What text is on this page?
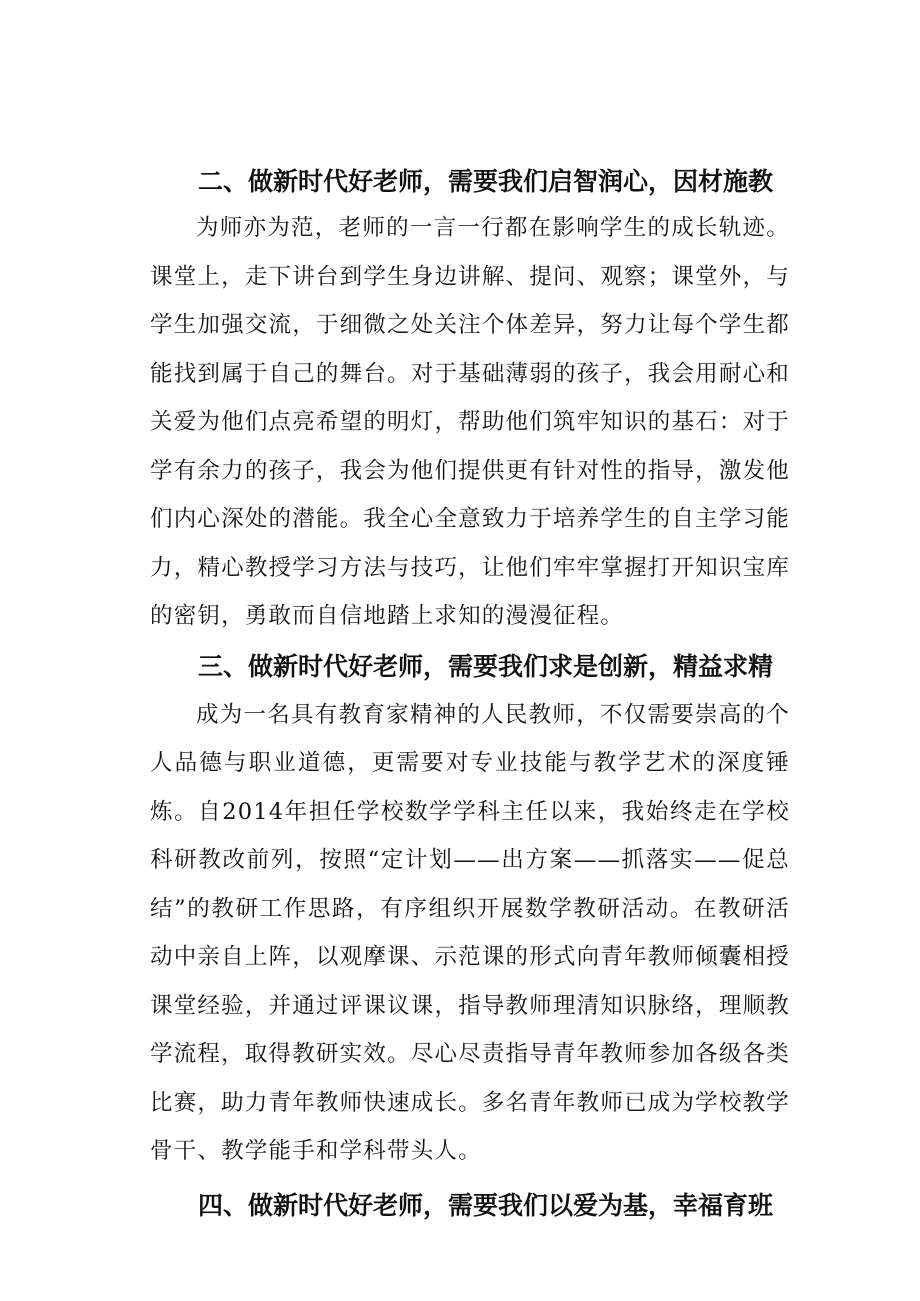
二、做新时代好老师，需要我们启智润心，因材施教

为师亦为范，老师的一言一行都在影响学生的成长轨迹。课堂上，走下讲台到学生身边讲解、提问、观察；课堂外，与学生加强交流，于细微之处关注个体差异，努力让每个学生都能找到属于自己的舞台。对于基础薄弱的孩子，我会用耐心和关爱为他们点亮希望的明灯，帮助他们筑牢知识的基石：对于学有余力的孩子，我会为他们提供更有针对性的指导，激发他们内心深处的潜能。我全心全意致力于培养学生的自主学习能力，精心教授学习方法与技巧，让他们牢牢掌握打开知识宝库的密钥，勇敢而自信地踏上求知的漫漫征程。

三、做新时代好老师，需要我们求是创新，精益求精

成为一名具有教育家精神的人民教师，不仅需要崇高的个人品德与职业道德，更需要对专业技能与教学艺术的深度锤炼。自2014年担任学校数学学科主任以来，我始终走在学校科研教改前列，按照“定计划——出方案——抓落实——促总结”的教研工作思路，有序组织开展数学教研活动。在教研活动中亲自上阵，以观摩课、示范课的形式向青年教师倾囊相授课堂经验，并通过评课议课，指导教师理清知识脉络，理顺教学流程，取得教研实效。尽心尽责指导青年教师参加各级各类比赛，助力青年教师快速成长。多名青年教师已成为学校教学骨干、教学能手和学科带头人。

四、做新时代好老师，需要我们以爱为基，幸福育班
